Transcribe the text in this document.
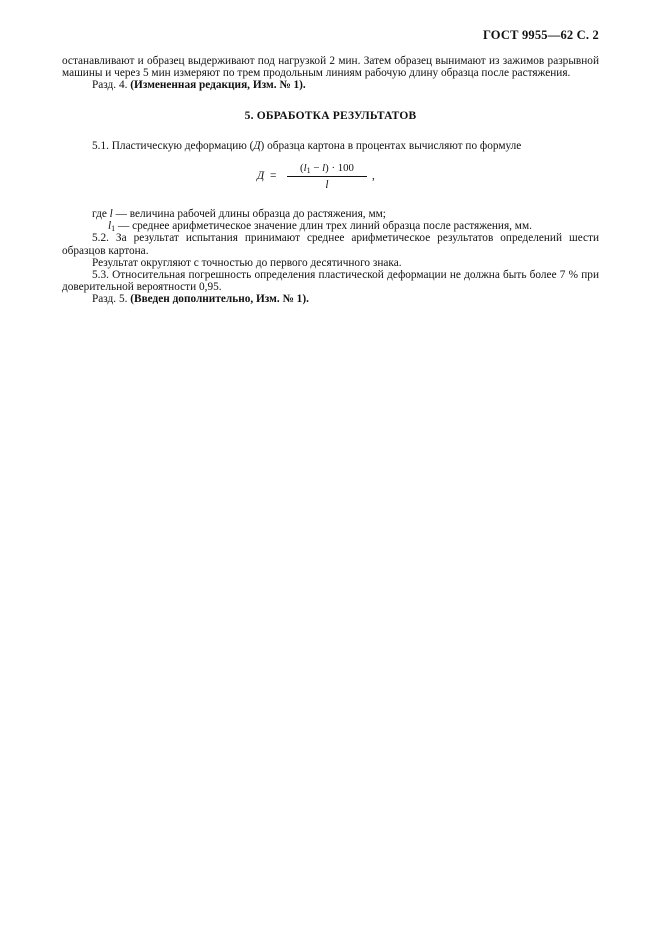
ГОСТ 9955—62 С. 2

останавливают и образец выдерживают под нагрузкой 2 мин. Затем образец вынимают из зажимов разрывной машины и через 5 мин измеряют по трем продольным линиям рабочую длину образца после растяжения.

Разд. 4. (Измененная редакция, Изм. № 1).

5. ОБРАБОТКА РЕЗУЛЬТАТОВ

5.1. Пластическую деформацию (Д) образца картона в процентах вычисляют по формуле

Д =
$(l_1 - l) \cdot 100$
l
,

где l — величина рабочей длины образца до растяжения, мм;

$l_1$ — среднее арифметическое значение длин трех линий образца после растяжения, мм.

5.2. За результат испытания принимают среднее арифметическое результатов определений шести образцов картона.

Результат округляют с точностью до первого десятичного знака.

5.3. Относительная погрешность определения пластической деформации не должна быть более 7 % при доверительной вероятности 0,95.

Разд. 5. (Введен дополнительно, Изм. № 1).
